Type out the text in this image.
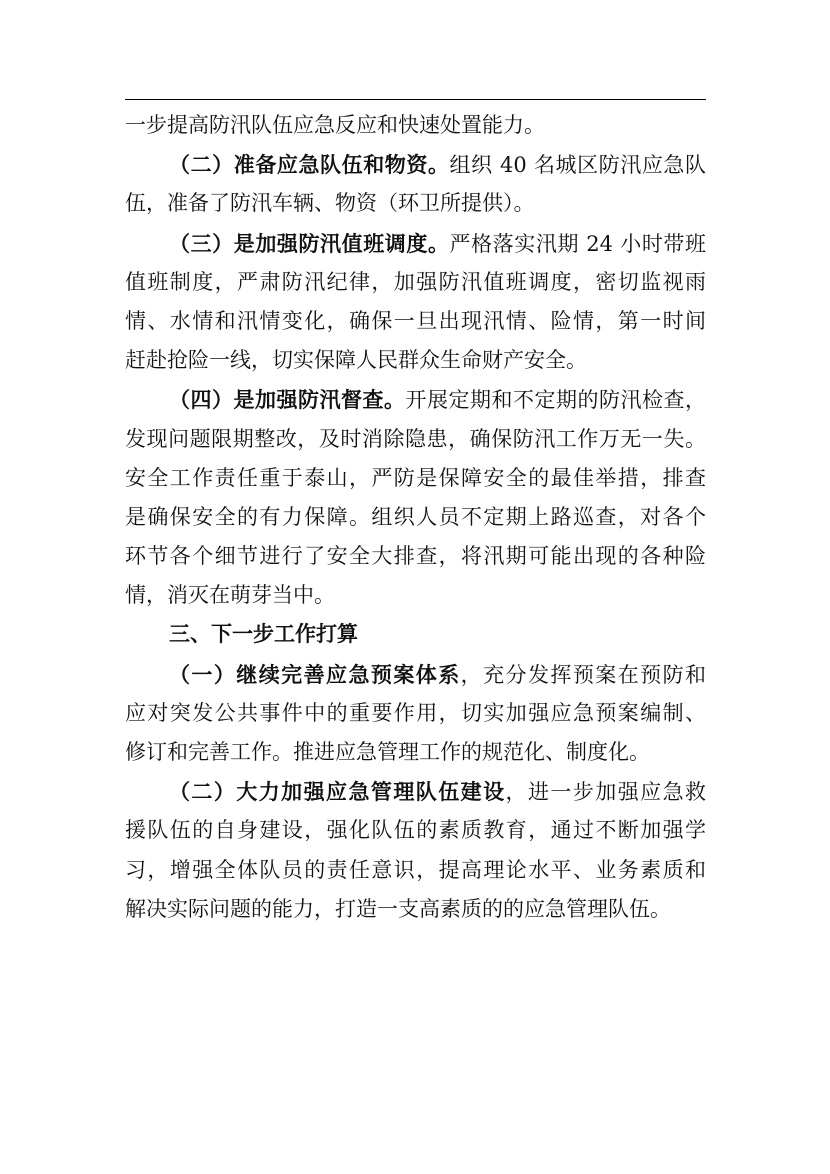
一步提高防汛队伍应急反应和快速处置能力。
（二）准备应急队伍和物资。组织 40 名城区防汛应急队
伍，准备了防汛车辆、物资（环卫所提供）。
（三）是加强防汛值班调度。严格落实汛期 24 小时带班
值班制度，严肃防汛纪律，加强防汛值班调度，密切监视雨
情、水情和汛情变化，确保一旦出现汛情、险情，第一时间
赶赴抢险一线，切实保障人民群众生命财产安全。
（四）是加强防汛督查。开展定期和不定期的防汛检查，
发现问题限期整改，及时消除隐患，确保防汛工作万无一失。
安全工作责任重于泰山，严防是保障安全的最佳举措，排查
是确保安全的有力保障。组织人员不定期上路巡查，对各个
环节各个细节进行了安全大排查，将汛期可能出现的各种险
情，消灭在萌芽当中。
三、下一步工作打算
（一）继续完善应急预案体系，充分发挥预案在预防和
应对突发公共事件中的重要作用，切实加强应急预案编制、
修订和完善工作。推进应急管理工作的规范化、制度化。
（二）大力加强应急管理队伍建设，进一步加强应急救
援队伍的自身建设，强化队伍的素质教育，通过不断加强学
习，增强全体队员的责任意识，提高理论水平、业务素质和
解决实际问题的能力，打造一支高素质的的应急管理队伍。
